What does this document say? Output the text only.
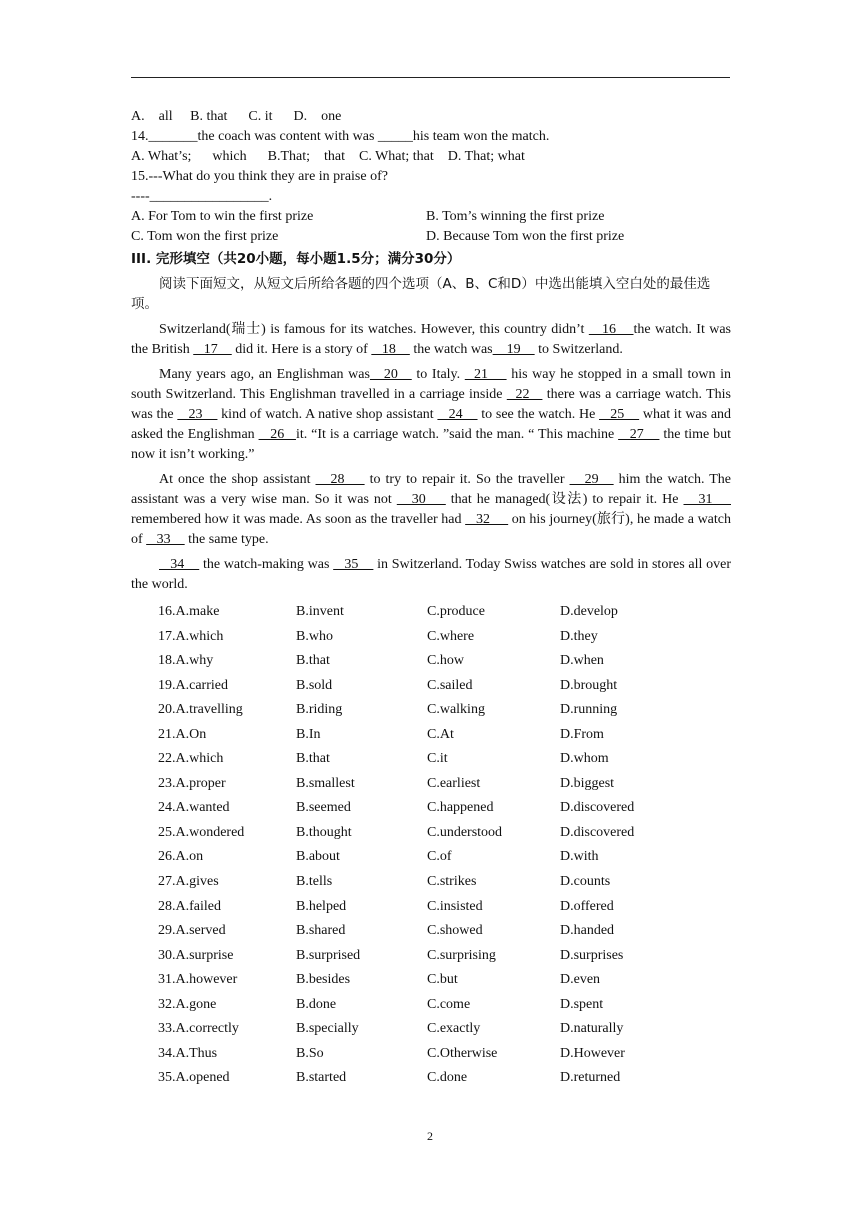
A.    all     B. that      C. it      D.    one
14._______the coach was content with was _____his team won the match.
A. What’s;      which      B.That;    that    C. What; that    D. That; what
15.---What do you think they are in praise of?
----_________________.
A. For Tom to win the first prize	B. Tom’s winning the first prize
C. Tom won the first prize	D. Because Tom won the first prize
III. 完形填空（共20小题，每小题1.5分；满分30分）

阅读下面短文，从短文后所给各题的四个选项（A、B、C和D）中选出能填入空白处的最佳选项。

Switzerland(瑞士) is famous for its watches. However, this country didn’t    16    the watch. It was the British    17     did it. Here is a story of    18     the watch was    19     to Switzerland.

Many years ago, an Englishman was   20    to Italy.   21     his way he stopped in a small town in south Switzerland. This Englishman travelled in a carriage inside   22    there was a carriage watch. This was the    23     kind of watch. A native shop assistant    24     to see the watch. He    25     what it was and asked the Englishman    26   it. “It is a carriage watch. ”said the man. “ This machine    27     the time but now it isn’t working.”

At once the shop assistant    28     to try to repair it. So the traveller    29    him the watch. The assistant was a very wise man. So it was not    30     that he managed(设法) to repair it. He    31     remembered how it was made. As soon as the traveller had    32      on his journey(旅行), he made a watch of    33     the same type.

34     the watch-making was    35     in Switzerland. Today Swiss watches are sold in stores all over the world.

16.A.make	B.invent	C.produce	D.develop
17.A.which	B.who	C.where	D.they
18.A.why	B.that	C.how	D.when
19.A.carried	B.sold	C.sailed	D.brought
20.A.travelling	B.riding	C.walking	D.running
21.A.On	B.In	C.At	D.From
22.A.which	B.that	C.it	D.whom
23.A.proper	B.smallest	C.earliest	D.biggest
24.A.wanted	B.seemed	C.happened	D.discovered
25.A.wondered	B.thought	C.understood	D.discovered
26.A.on	B.about	C.of	D.with
27.A.gives	B.tells	C.strikes	D.counts
28.A.failed	B.helped	C.insisted	D.offered
29.A.served	B.shared	C.showed	D.handed
30.A.surprise	B.surprised	C.surprising	D.surprises
31.A.however	B.besides	C.but	D.even
32.A.gone	B.done	C.come	D.spent
33.A.correctly	B.specially	C.exactly	D.naturally
34.A.Thus	B.So	C.Otherwise	D.However
35.A.opened	B.started	C.done	D.returned
2
